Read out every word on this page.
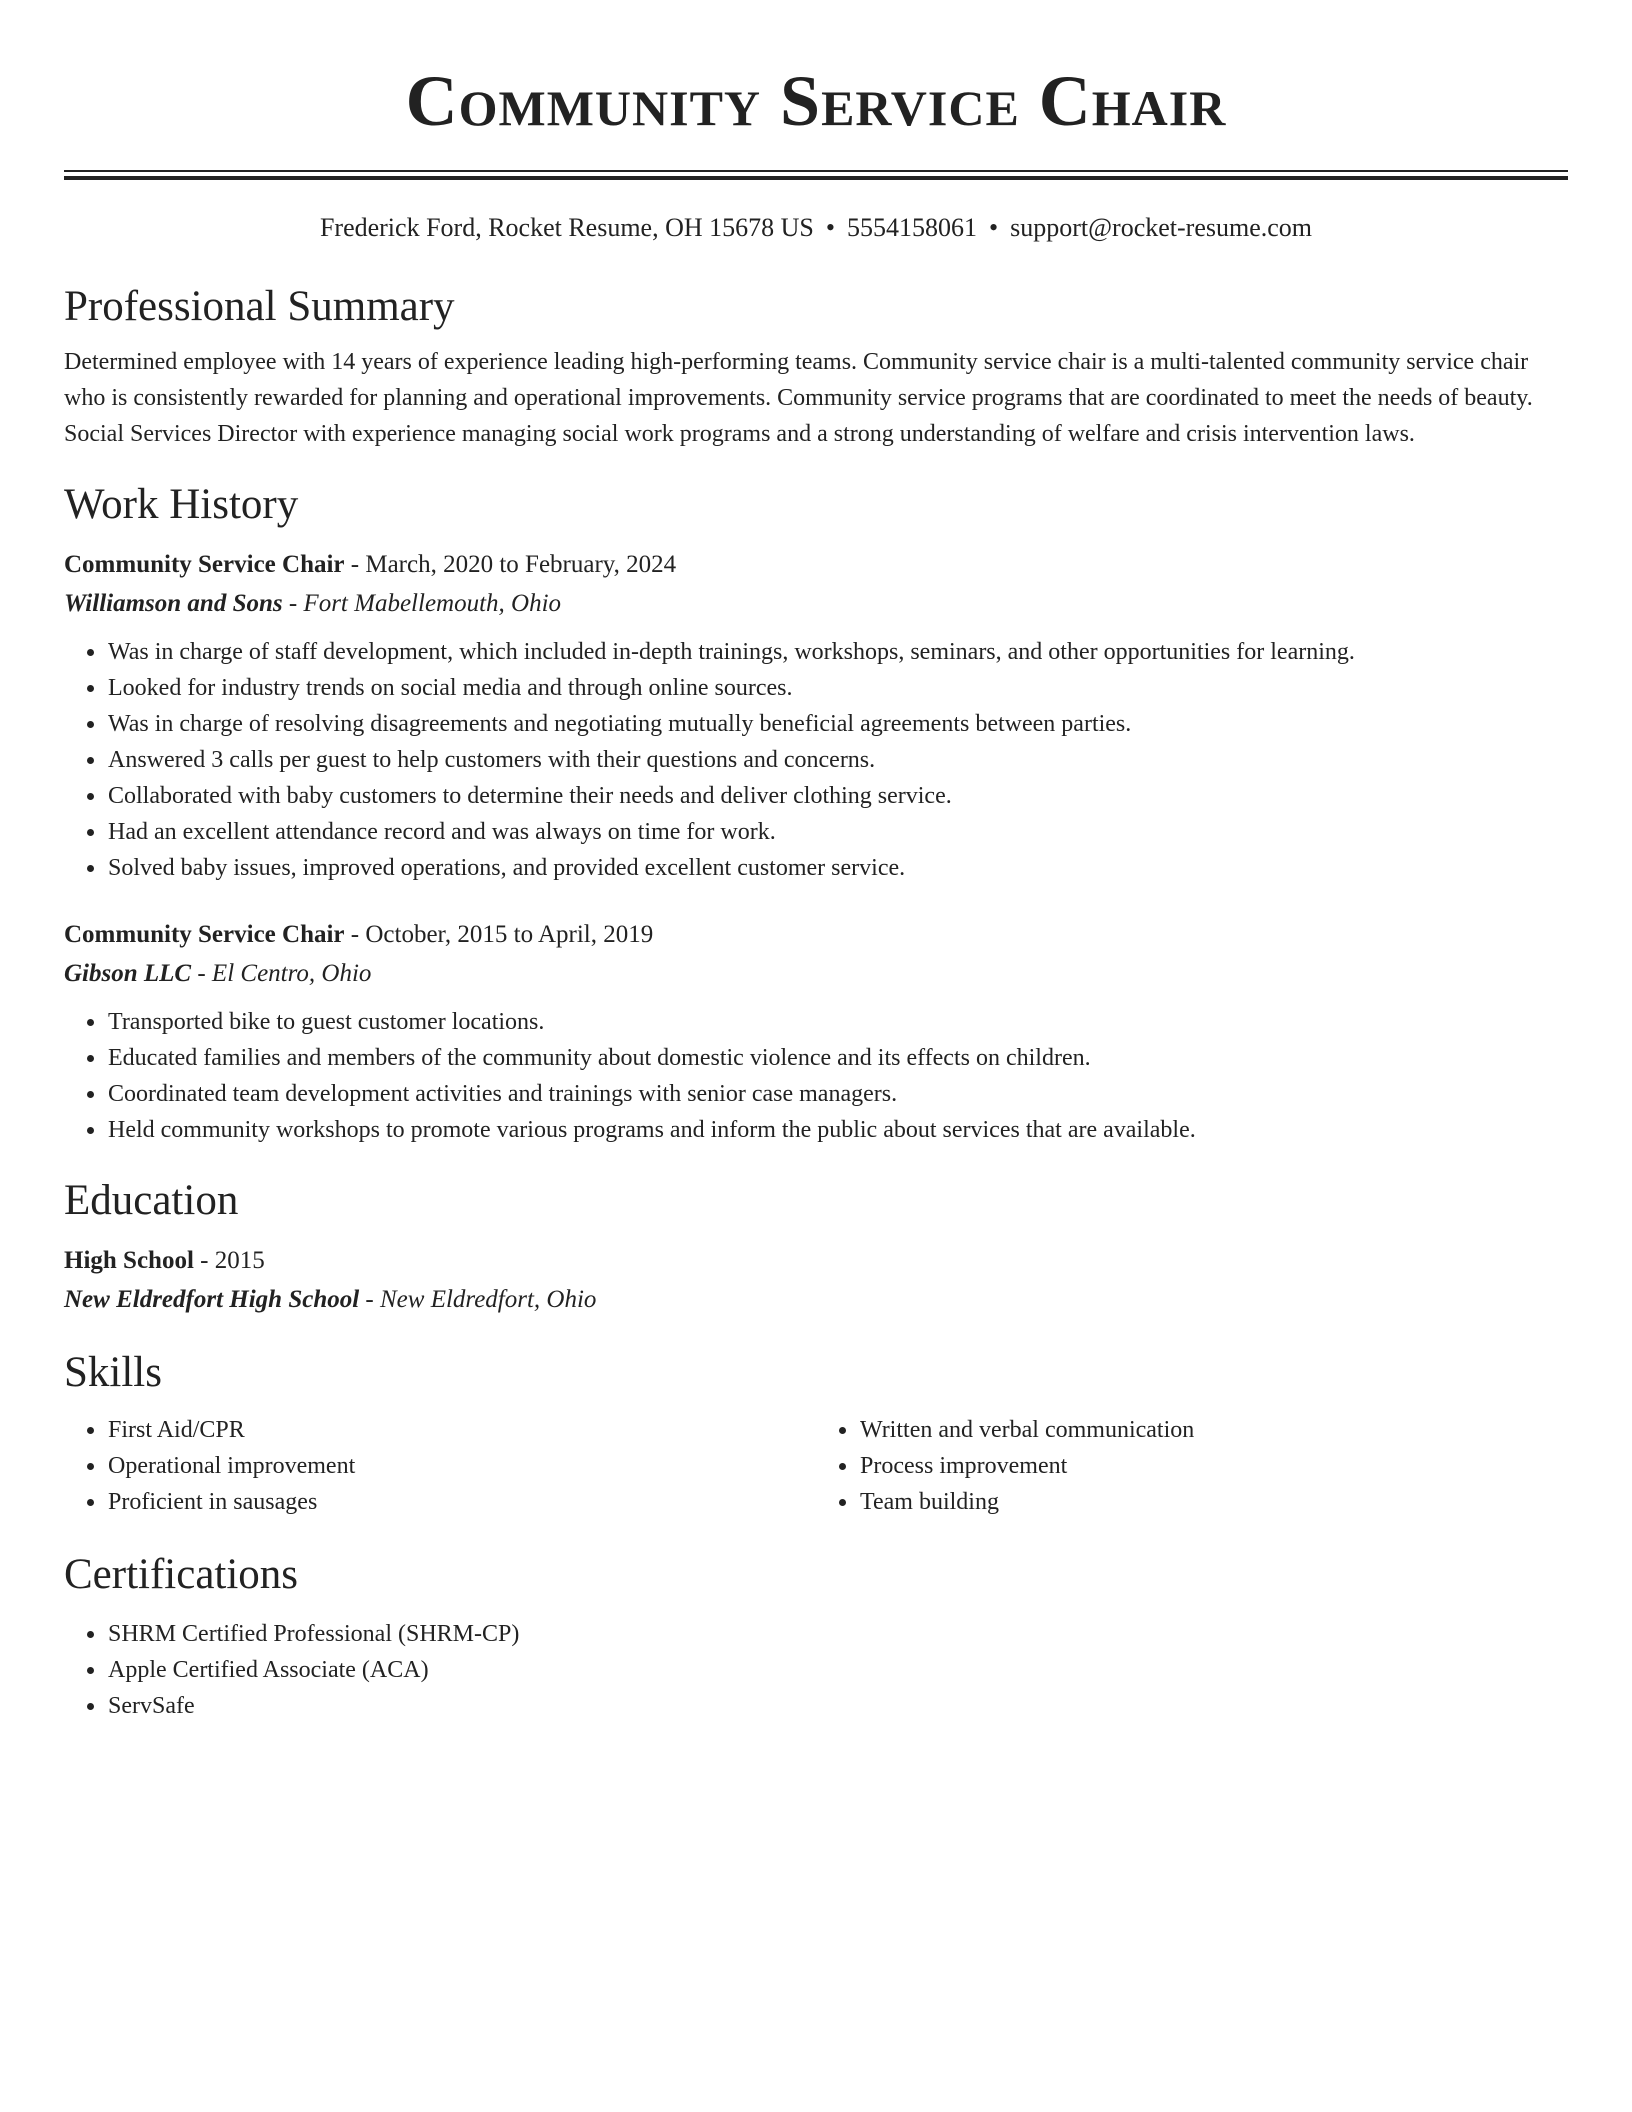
Community Service Chair
Frederick Ford, Rocket Resume, OH 15678 US • 5554158061 • support@rocket-resume.com
Professional Summary
Determined employee with 14 years of experience leading high-performing teams. Community service chair is a multi-talented community service chair who is consistently rewarded for planning and operational improvements. Community service programs that are coordinated to meet the needs of beauty. Social Services Director with experience managing social work programs and a strong understanding of welfare and crisis intervention laws.
Work History
Community Service Chair - March, 2020 to February, 2024
Williamson and Sons - Fort Mabellemouth, Ohio
• Was in charge of staff development, which included in-depth trainings, workshops, seminars, and other opportunities for learning.
• Looked for industry trends on social media and through online sources.
• Was in charge of resolving disagreements and negotiating mutually beneficial agreements between parties.
• Answered 3 calls per guest to help customers with their questions and concerns.
• Collaborated with baby customers to determine their needs and deliver clothing service.
• Had an excellent attendance record and was always on time for work.
• Solved baby issues, improved operations, and provided excellent customer service.
Community Service Chair - October, 2015 to April, 2019
Gibson LLC - El Centro, Ohio
• Transported bike to guest customer locations.
• Educated families and members of the community about domestic violence and its effects on children.
• Coordinated team development activities and trainings with senior case managers.
• Held community workshops to promote various programs and inform the public about services that are available.
Education
High School - 2015
New Eldredfort High School - New Eldredfort, Ohio
Skills
• First Aid/CPR
• Operational improvement
• Proficient in sausages
• Written and verbal communication
• Process improvement
• Team building
Certifications
• SHRM Certified Professional (SHRM-CP)
• Apple Certified Associate (ACA)
• ServSafe
